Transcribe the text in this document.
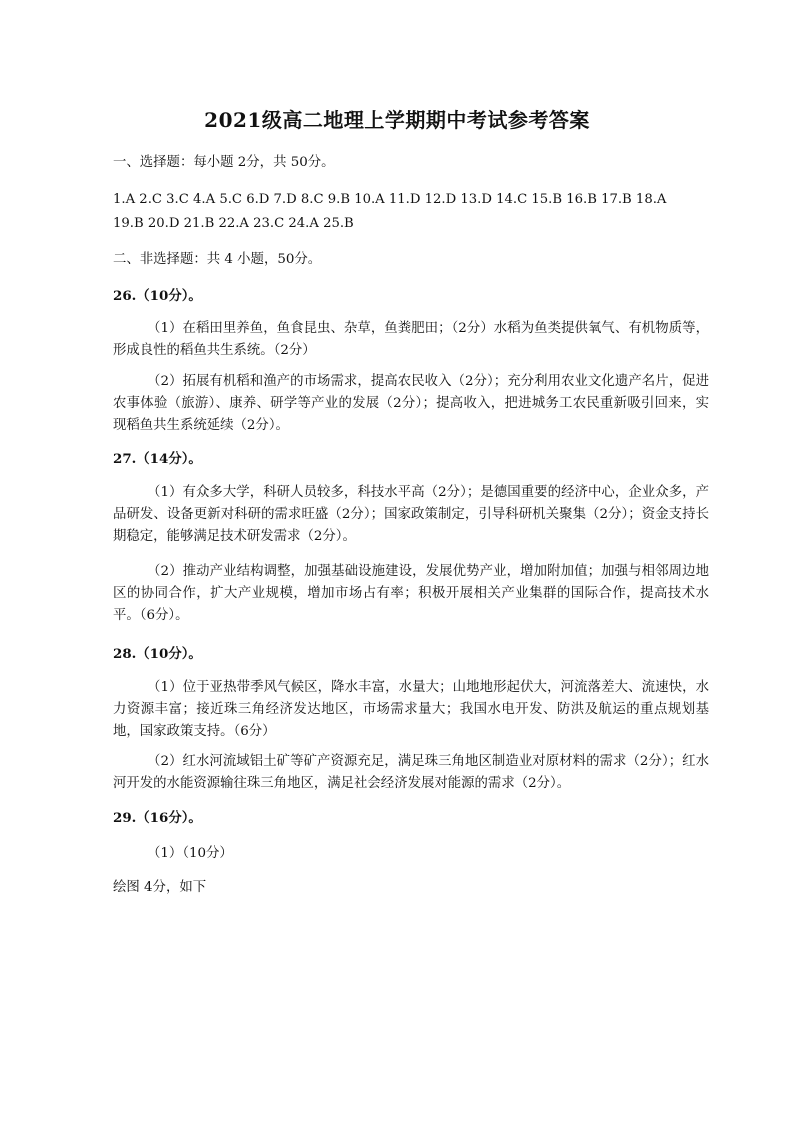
2021级高二地理上学期期中考试参考答案
一、选择题：每小题 2分，共 50分。
1.A 2.C 3.C 4.A 5.C 6.D 7.D 8.C 9.B 10.A 11.D 12.D 13.D 14.C 15.B 16.B 17.B 18.A
19.B 20.D 21.B 22.A 23.C 24.A 25.B
二、非选择题：共 4 小题，50分。
26.（10分）。
（1）在稻田里养鱼，鱼食昆虫、杂草，鱼粪肥田；（2分）水稻为鱼类提供氧气、有机物质等，形成良性的稻鱼共生系统。（2分）
（2）拓展有机稻和渔产的市场需求，提高农民收入（2分）；充分利用农业文化遗产名片，促进农事体验（旅游）、康养、研学等产业的发展（2分）；提高收入，把进城务工农民重新吸引回来，实现稻鱼共生系统延续（2分）。
27.（14分）。
（1）有众多大学，科研人员较多，科技水平高（2分）；是德国重要的经济中心，企业众多，产品研发、设备更新对科研的需求旺盛（2分）；国家政策制定，引导科研机关聚集（2分）；资金支持长期稳定，能够满足技术研发需求（2分）。
（2）推动产业结构调整，加强基础设施建设，发展优势产业，增加附加值；加强与相邻周边地区的协同合作，扩大产业规模，增加市场占有率；积极开展相关产业集群的国际合作，提高技术水平。（6分）。
28.（10分）。
（1）位于亚热带季风气候区，降水丰富，水量大；山地地形起伏大，河流落差大、流速快，水力资源丰富；接近珠三角经济发达地区，市场需求量大；我国水电开发、防洪及航运的重点规划基地，国家政策支持。（6分）
（2）红水河流域铝土矿等矿产资源充足，满足珠三角地区制造业对原材料的需求（2分）；红水河开发的水能资源输往珠三角地区，满足社会经济发展对能源的需求（2分）。
29.（16分）。
（1）（10分）
绘图 4分，如下
